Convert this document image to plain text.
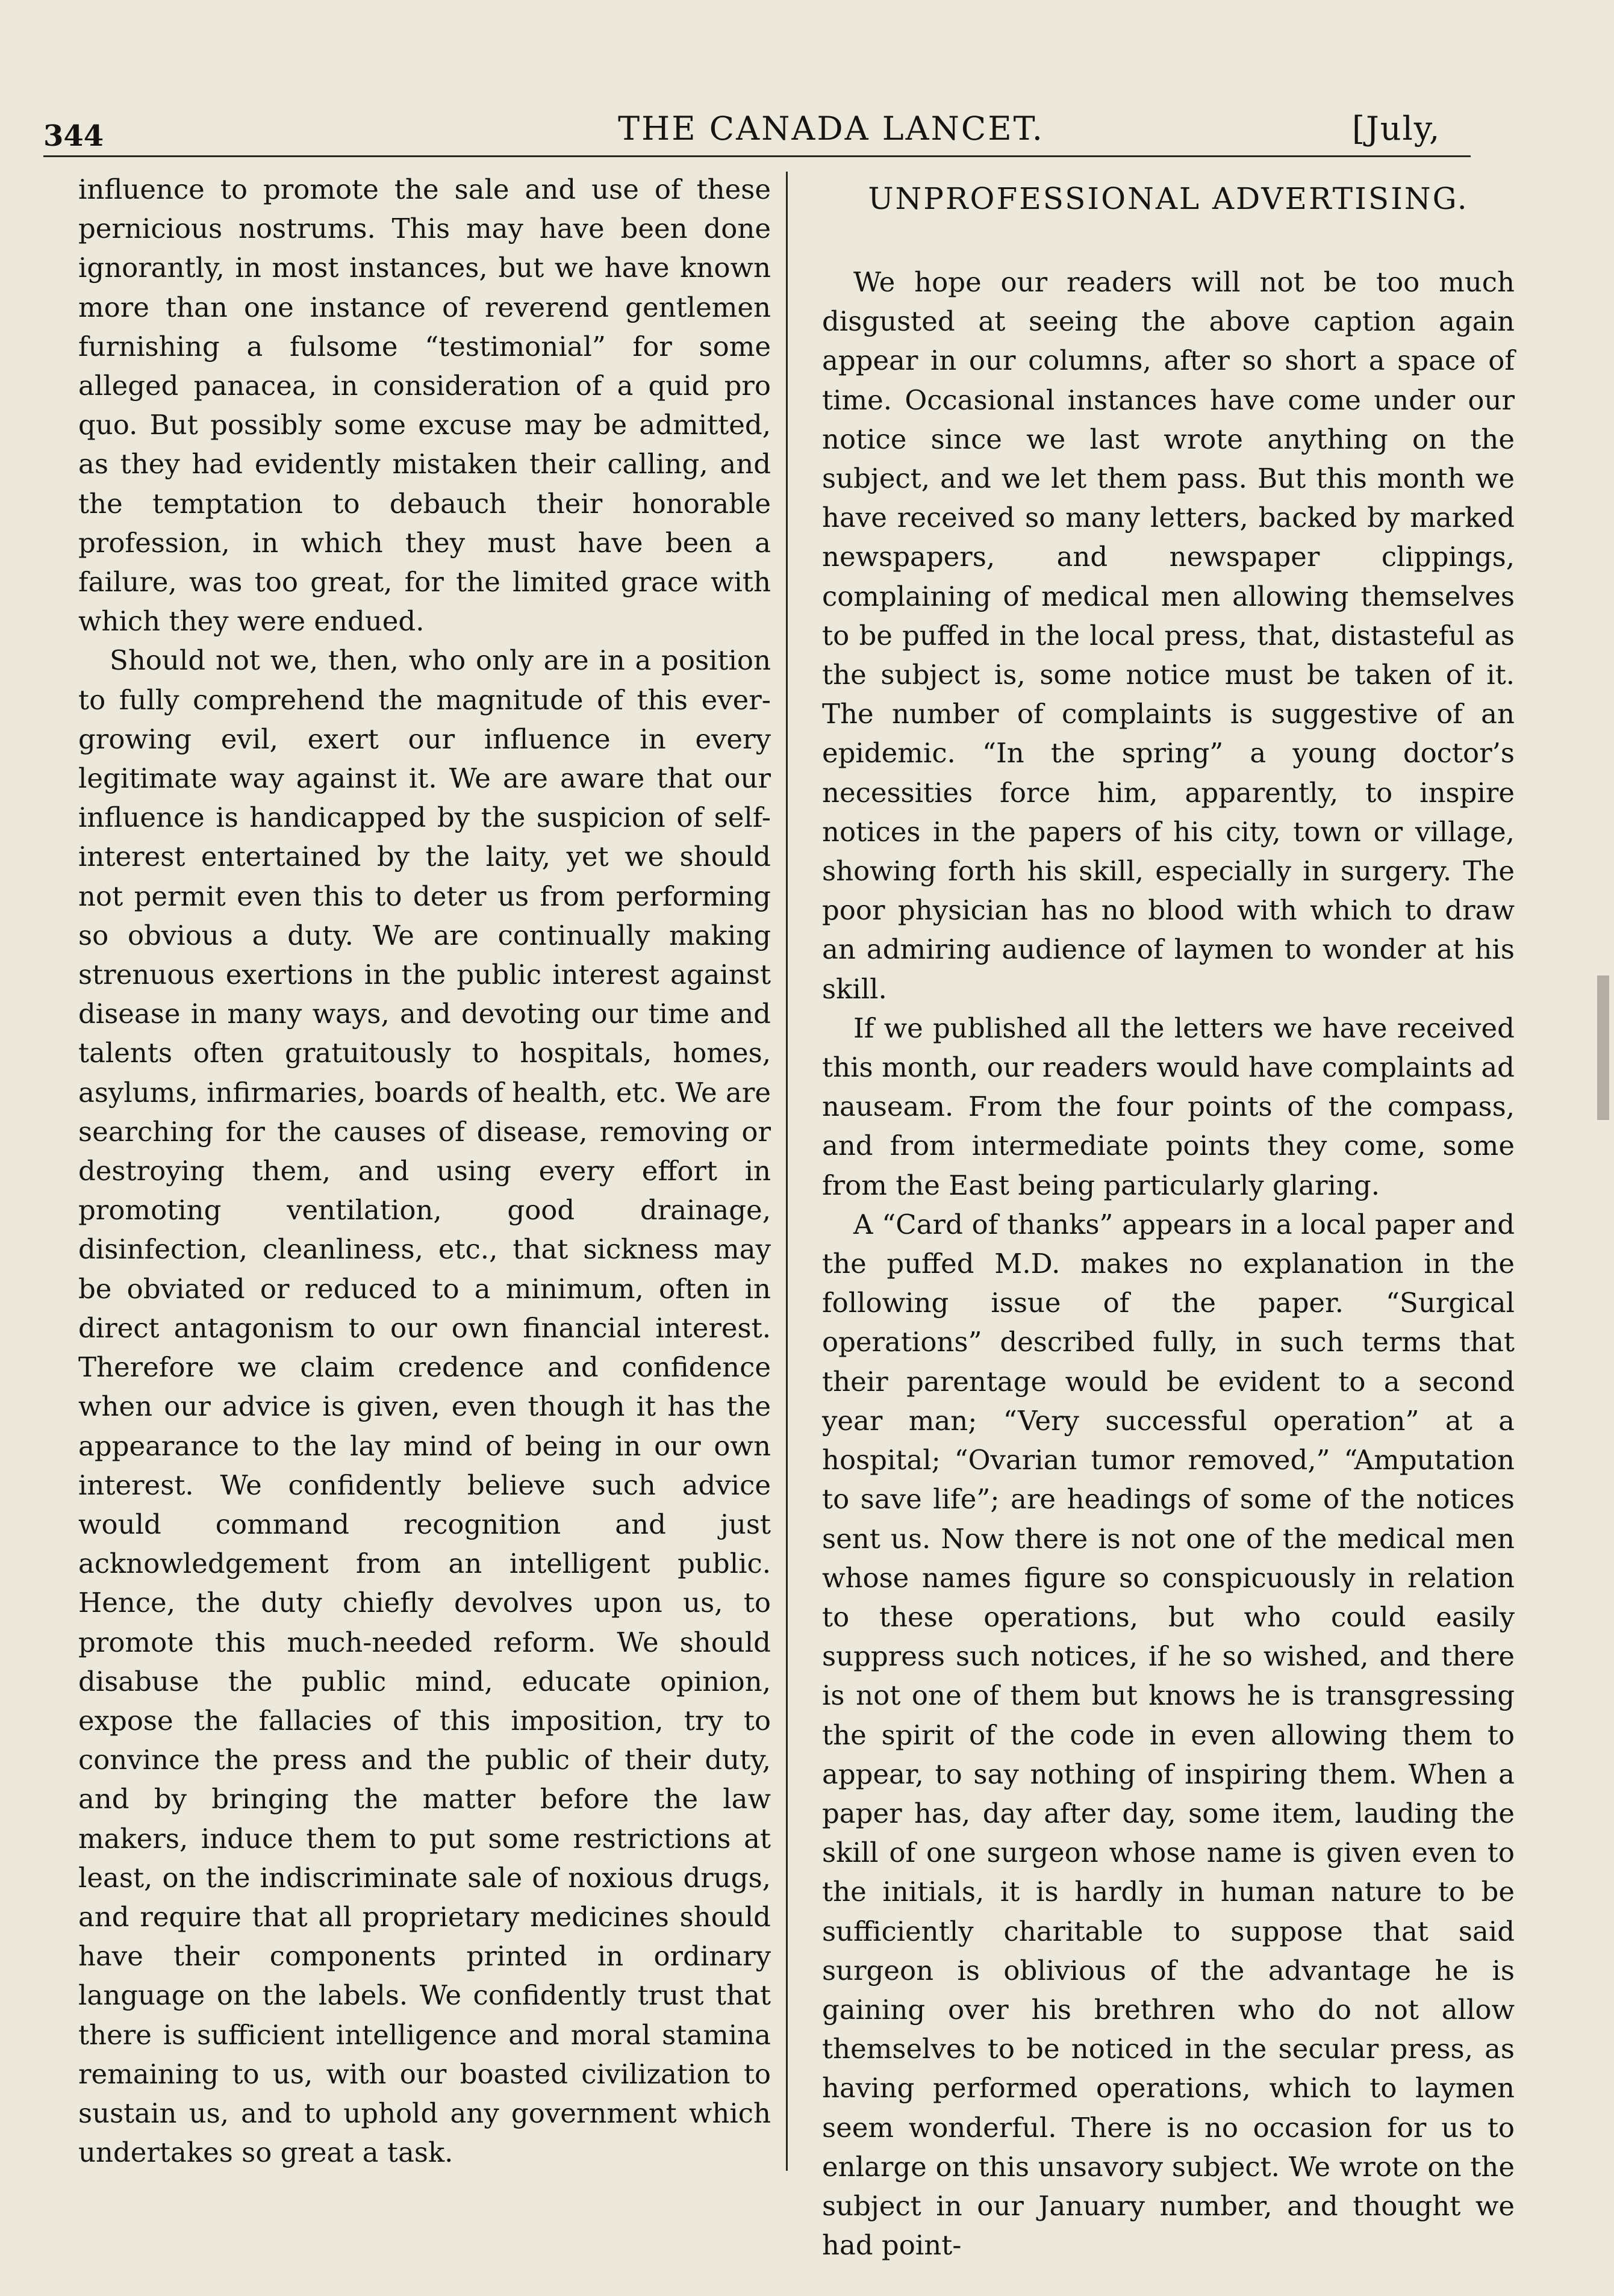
344	THE CANADA LANCET.	[July,

influence to promote the sale and use of these pernicious nostrums. This may have been done ignorantly, in most instances, but we have known more than one instance of reverend gentlemen furnishing a fulsome “testimonial” for some alleged panacea, in consideration of a quid pro quo. But possibly some excuse may be admitted, as they had evidently mistaken their calling, and the temptation to debauch their honorable profession, in which they must have been a failure, was too great, for the limited grace with which they were endued.

Should not we, then, who only are in a position to fully comprehend the magnitude of this ever-growing evil, exert our influence in every legitimate way against it. We are aware that our influence is handicapped by the suspicion of self-interest entertained by the laity, yet we should not permit even this to deter us from performing so obvious a duty. We are continually making strenuous exertions in the public interest against disease in many ways, and devoting our time and talents often gratuitously to hospitals, homes, asylums, infirmaries, boards of health, etc. We are searching for the causes of disease, removing or destroying them, and using every effort in promoting ventilation, good drainage, disinfection, cleanliness, etc., that sickness may be obviated or reduced to a minimum, often in direct antagonism to our own financial interest. Therefore we claim credence and confidence when our advice is given, even though it has the appearance to the lay mind of being in our own interest. We confidently believe such advice would command recognition and just acknowledgement from an intelligent public. Hence, the duty chiefly devolves upon us, to promote this much-needed reform. We should disabuse the public mind, educate opinion, expose the fallacies of this imposition, try to convince the press and the public of their duty, and by bringing the matter before the law makers, induce them to put some restrictions at least, on the indiscriminate sale of noxious drugs, and require that all proprietary medicines should have their components printed in ordinary language on the labels. We confidently trust that there is sufficient intelligence and moral stamina remaining to us, with our boasted civilization to sustain us, and to uphold any government which undertakes so great a task.

UNPROFESSIONAL ADVERTISING.

We hope our readers will not be too much disgusted at seeing the above caption again appear in our columns, after so short a space of time. Occasional instances have come under our notice since we last wrote anything on the subject, and we let them pass. But this month we have received so many letters, backed by marked newspapers, and newspaper clippings, complaining of medical men allowing themselves to be puffed in the local press, that, distasteful as the subject is, some notice must be taken of it. The number of complaints is suggestive of an epidemic. “In the spring” a young doctor’s necessities force him, apparently, to inspire notices in the papers of his city, town or village, showing forth his skill, especially in surgery. The poor physician has no blood with which to draw an admiring audience of laymen to wonder at his skill.

If we published all the letters we have received this month, our readers would have complaints ad nauseam. From the four points of the compass, and from intermediate points they come, some from the East being particularly glaring.

A “Card of thanks” appears in a local paper and the puffed M.D. makes no explanation in the following issue of the paper. “Surgical operations” described fully, in such terms that their parentage would be evident to a second year man; “Very successful operation” at a hospital; “Ovarian tumor removed,” “Amputation to save life”; are headings of some of the notices sent us. Now there is not one of the medical men whose names figure so conspicuously in relation to these operations, but who could easily suppress such notices, if he so wished, and there is not one of them but knows he is transgressing the spirit of the code in even allowing them to appear, to say nothing of inspiring them. When a paper has, day after day, some item, lauding the skill of one surgeon whose name is given even to the initials, it is hardly in human nature to be sufficiently charitable to suppose that said surgeon is oblivious of the advantage he is gaining over his brethren who do not allow themselves to be noticed in the secular press, as having performed operations, which to laymen seem wonderful. There is no occasion for us to enlarge on this unsavory subject. We wrote on the subject in our January number, and thought we had point-
